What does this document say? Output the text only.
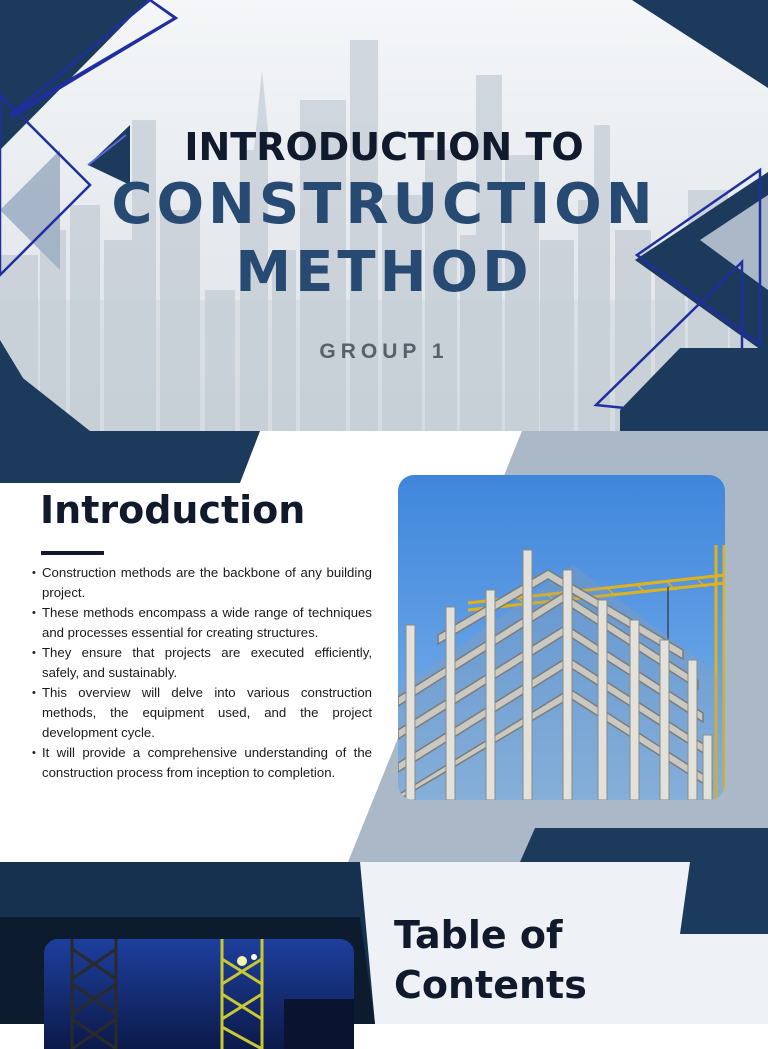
INTRODUCTION TO
CONSTRUCTION
METHOD
GROUP 1
Introduction
• Construction methods are the backbone of any building project.
• These methods encompass a wide range of techniques and processes essential for creating structures.
• They ensure that projects are executed efficiently, safely, and sustainably.
• This overview will delve into various construction methods, the equipment used, and the project development cycle.
• It will provide a comprehensive understanding of the construction process from inception to completion.
Table of
Contents
